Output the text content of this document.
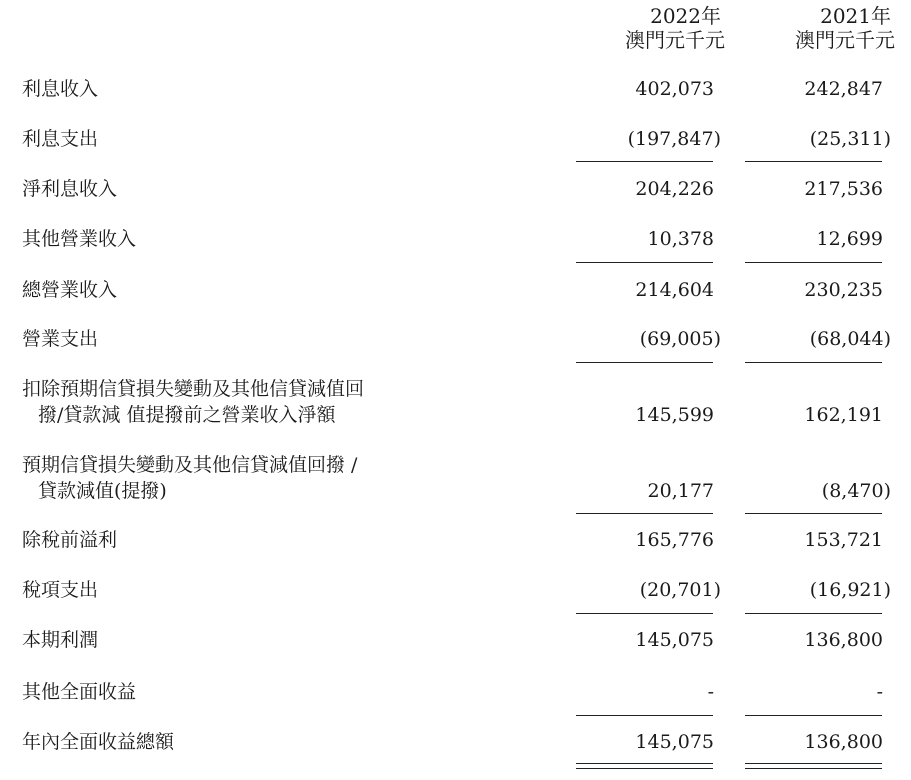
2022年
澳門元千元
2021年
澳門元千元
利息收入	402,073	242,847
利息支出	(197,847)	(25,311)
淨利息收入	204,226	217,536
其他營業收入	10,378	12,699
總營業收入	214,604	230,235
營業支出	(69,005)	(68,044)
扣除預期信貸損失變動及其他信貸減值回
撥/貸款減 值提撥前之營業收入淨額	145,599	162,191
預期信貸損失變動及其他信貸減值回撥 /
貸款減值(提撥)	20,177	(8,470)
除稅前溢利	165,776	153,721
稅項支出	(20,701)	(16,921)
本期利潤	145,075	136,800
其他全面收益	-	-
年內全面收益總額	145,075	136,800
